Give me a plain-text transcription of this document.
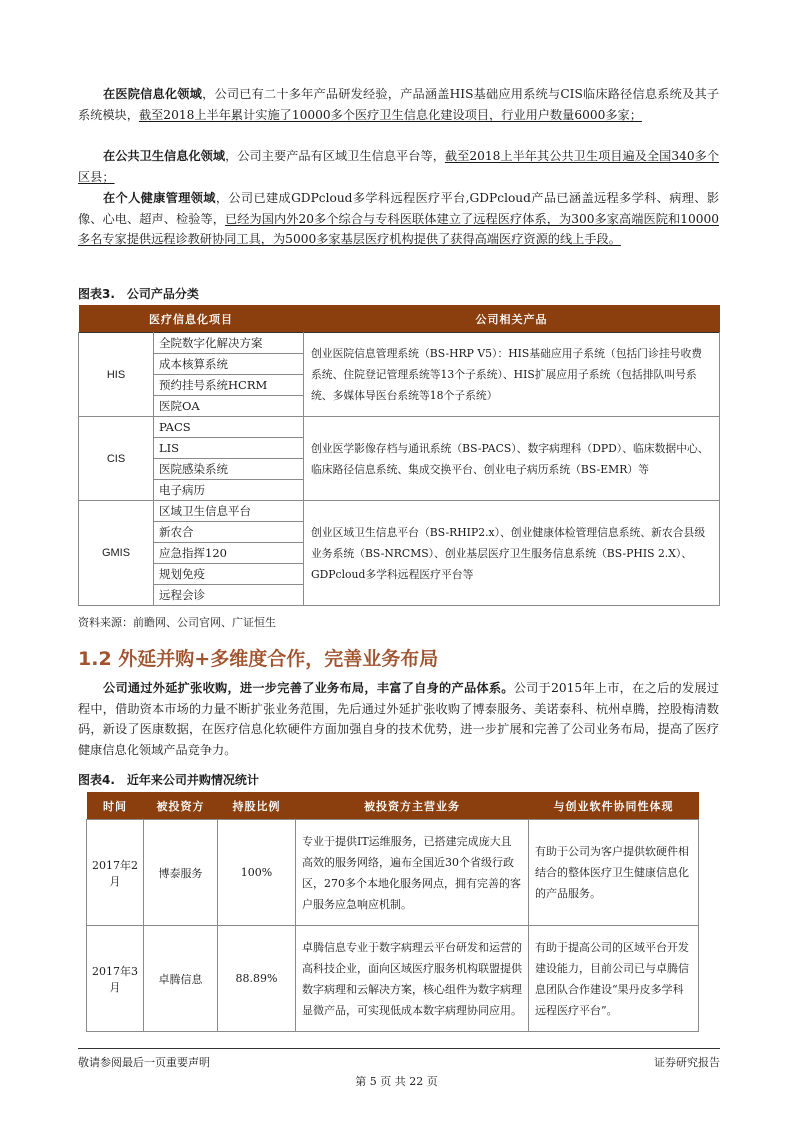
在医院信息化领域，公司已有二十多年产品研发经验，产品涵盖HIS基础应用系统与CIS临床路径信息系统及其子系统模块，截至2018上半年累计实施了10000多个医疗卫生信息化建设项目，行业用户数量6000多家；

在公共卫生信息化领域，公司主要产品有区域卫生信息平台等，截至2018上半年其公共卫生项目遍及全国340多个区县；

在个人健康管理领域，公司已建成GDPcloud多学科远程医疗平台,GDPcloud产品已涵盖远程多学科、病理、影像、心电、超声、检验等，已经为国内外20多个综合与专科医联体建立了远程医疗体系，为300多家高端医院和10000多名专家提供远程诊教研协同工具，为5000多家基层医疗机构提供了获得高端医疗资源的线上手段。

图表3.　公司产品分类
医疗信息化项目		公司相关产品
HIS	全院数字化解决方案	创业医院信息管理系统（BS-HRP V5）：HIS基础应用子系统（包括门诊挂号收费系统、住院登记管理系统等13个子系统）、HIS扩展应用子系统（包括排队叫号系统、多媒体导医台系统等18个子系统）
	成本核算系统	
	预约挂号系统HCRM	
	医院OA	
CIS	PACS	创业医学影像存档与通讯系统（BS-PACS）、数字病理科（DPD）、临床数据中心、临床路径信息系统、集成交换平台、创业电子病历系统（BS-EMR）等
	LIS	
	医院感染系统	
	电子病历	
GMIS	区域卫生信息平台	创业区域卫生信息平台（BS-RHIP2.x）、创业健康体检管理信息系统、新农合县级业务系统（BS-NRCMS）、创业基层医疗卫生服务信息系统（BS-PHIS 2.X）、GDPcloud多学科远程医疗平台等
	新农合	
	应急指挥120	
	规划免疫	
	远程会诊	
资料来源：前瞻网、公司官网、广证恒生
1.2 外延并购+多维度合作，完善业务布局

公司通过外延扩张收购，进一步完善了业务布局，丰富了自身的产品体系。公司于2015年上市，在之后的发展过程中，借助资本市场的力量不断扩张业务范围，先后通过外延扩张收购了博泰服务、美诺泰科、杭州卓腾，控股梅清数码，新设了医康数据，在医疗信息化软硬件方面加强自身的技术优势，进一步扩展和完善了公司业务布局，提高了医疗健康信息化领域产品竞争力。

图表4.　近年来公司并购情况统计
时间	被投资方	持股比例	被投资方主营业务	与创业软件协同性体现
2017年2月	博泰服务	100%	专业于提供IT运维服务，已搭建完成庞大且高效的服务网络，遍布全国近30个省级行政区，270多个本地化服务网点，拥有完善的客户服务应急响应机制。	有助于公司为客户提供软硬件相结合的整体医疗卫生健康信息化的产品服务。
2017年3月	卓腾信息	88.89%	卓腾信息专业于数字病理云平台研发和运营的高科技企业，面向区域医疗服务机构联盟提供数字病理和云解决方案，核心组件为数字病理显微产品，可实现低成本数字病理协同应用。	有助于提高公司的区域平台开发建设能力，目前公司已与卓腾信息团队合作建设“果丹皮多学科远程医疗平台”。
敬请参阅最后一页重要声明	证券研究报告
第 5 页 共 22 页
